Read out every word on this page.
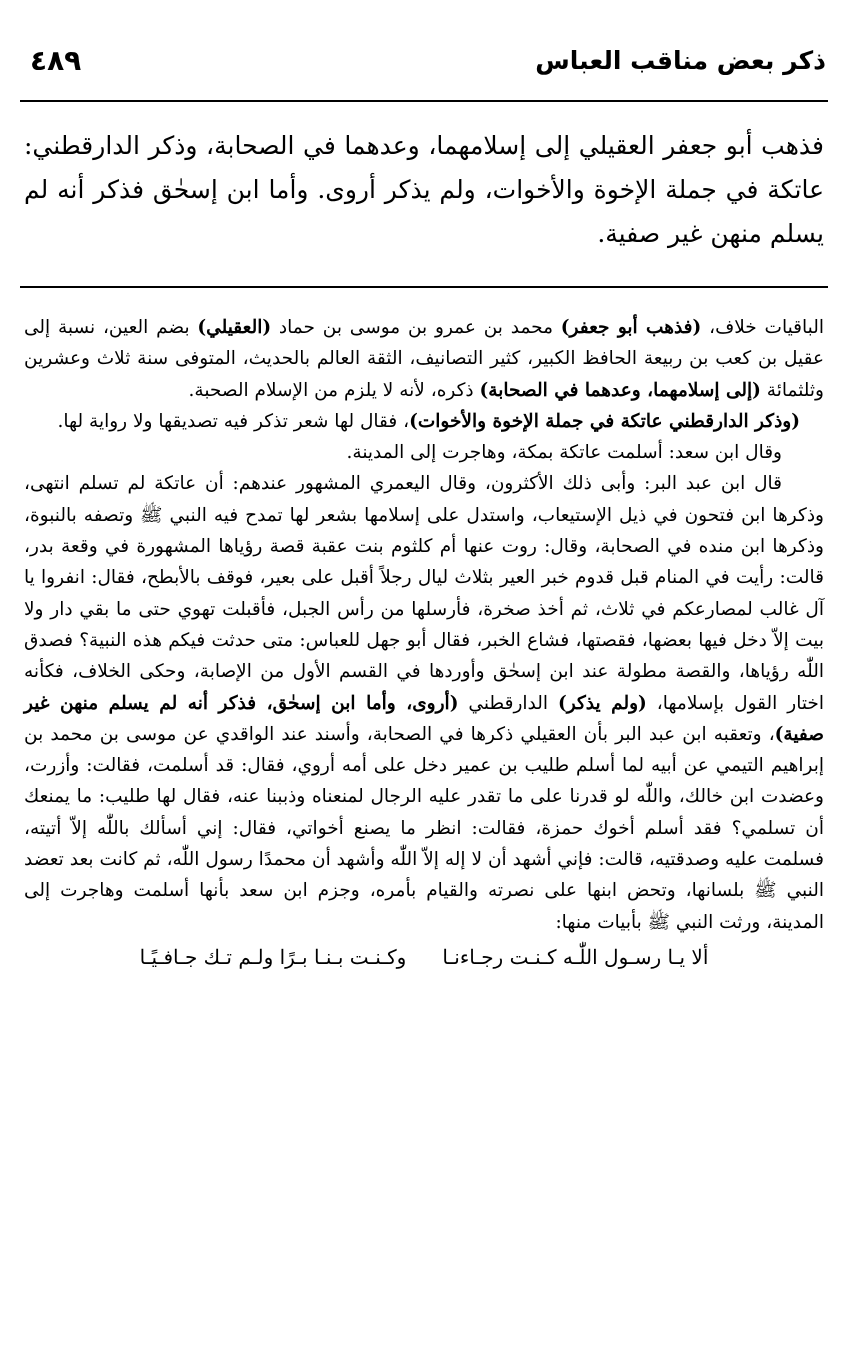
ذكر بعض مناقب العباس
٤٨٩

فذهب أبو جعفر العقيلي إلى إسلامهما، وعدهما في الصحابة، وذكر الدارقطني: عاتكة في جملة الإخوة والأخوات، ولم يذكر أروى. وأما ابن إسحٰق فذكر أنه لم يسلم منهن غير صفية.

الباقيات خلاف، (فذهب أبو جعفر) محمد بن عمرو بن موسى بن حماد (العقيلي) بضم العين، نسبة إلى عقيل بن كعب بن ربيعة الحافظ الكبير، كثير التصانيف، الثقة العالم بالحديث، المتوفى سنة ثلاث وعشرين وثلثمائة (إلى إسلامهما، وعدهما في الصحابة) ذكره، لأنه لا يلزم من الإسلام الصحبة.

(وذكر الدارقطني عاتكة في جملة الإخوة والأخوات)، فقال لها شعر تذكر فيه تصديقها ولا رواية لها.

وقال ابن سعد: أسلمت عاتكة بمكة، وهاجرت إلى المدينة.

قال ابن عبد البر: وأبى ذلك الأكثرون، وقال اليعمري المشهور عندهم: أن عاتكة لم تسلم انتهى، وذكرها ابن فتحون في ذيل الإستيعاب، واستدل على إسلامها بشعر لها تمدح فيه النبي ﷺ وتصفه بالنبوة، وذكرها ابن منده في الصحابة، وقال: روت عنها أم كلثوم بنت عقبة قصة رؤياها المشهورة في وقعة بدر، قالت: رأيت في المنام قبل قدوم خبر العير بثلاث ليال رجلاً أقبل على بعير، فوقف بالأبطح، فقال: انفروا يا آل غالب لمصارعكم في ثلاث، ثم أخذ صخرة، فأرسلها من رأس الجبل، فأقبلت تهوي حتى ما بقي دار ولا بيت إلاّ دخل فيها بعضها، فقصتها، فشاع الخبر، فقال أبو جهل للعباس: متى حدثت فيكم هذه النبية؟ فصدق اللّٰه رؤياها، والقصة مطولة عند ابن إسحٰق وأوردها في القسم الأول من الإصابة، وحكى الخلاف، فكأنه اختار القول بإسلامها، (ولم يذكر) الدارقطني (أروى، وأما ابن إسحٰق، فذكر أنه لم يسلم منهن غير صفية)، وتعقبه ابن عبد البر بأن العقيلي ذكرها في الصحابة، وأسند عند الواقدي عن موسى بن محمد بن إبراهيم التيمي عن أبيه لما أسلم طليب بن عمير دخل على أمه أروي، فقال: قد أسلمت، فقالت: وأزرت، وعضدت ابن خالك، واللّٰه لو قدرنا على ما تقدر عليه الرجال لمنعناه وذببنا عنه، فقال لها طليب: ما يمنعك أن تسلمي؟ فقد أسلم أخوك حمزة، فقالت: انظر ما يصنع أخواتي، فقال: إني أسألك باللّٰه إلاّ أتيته، فسلمت عليه وصدقتيه، قالت: فإني أشهد أن لا إله إلاّ اللّٰه وأشهد أن محمدًا رسول اللّٰه، ثم كانت بعد تعضد النبي ﷺ بلسانها، وتحض ابنها على نصرته والقيام بأمره، وجزم ابن سعد بأنها أسلمت وهاجرت إلى المدينة، ورثت النبي ﷺ بأبيات منها:

ألا يـا رسـول اللّٰـه كـنـت رجـاءنـاوكـنـت بـنـا بـرًا ولـم تـك جـافـيًـا
